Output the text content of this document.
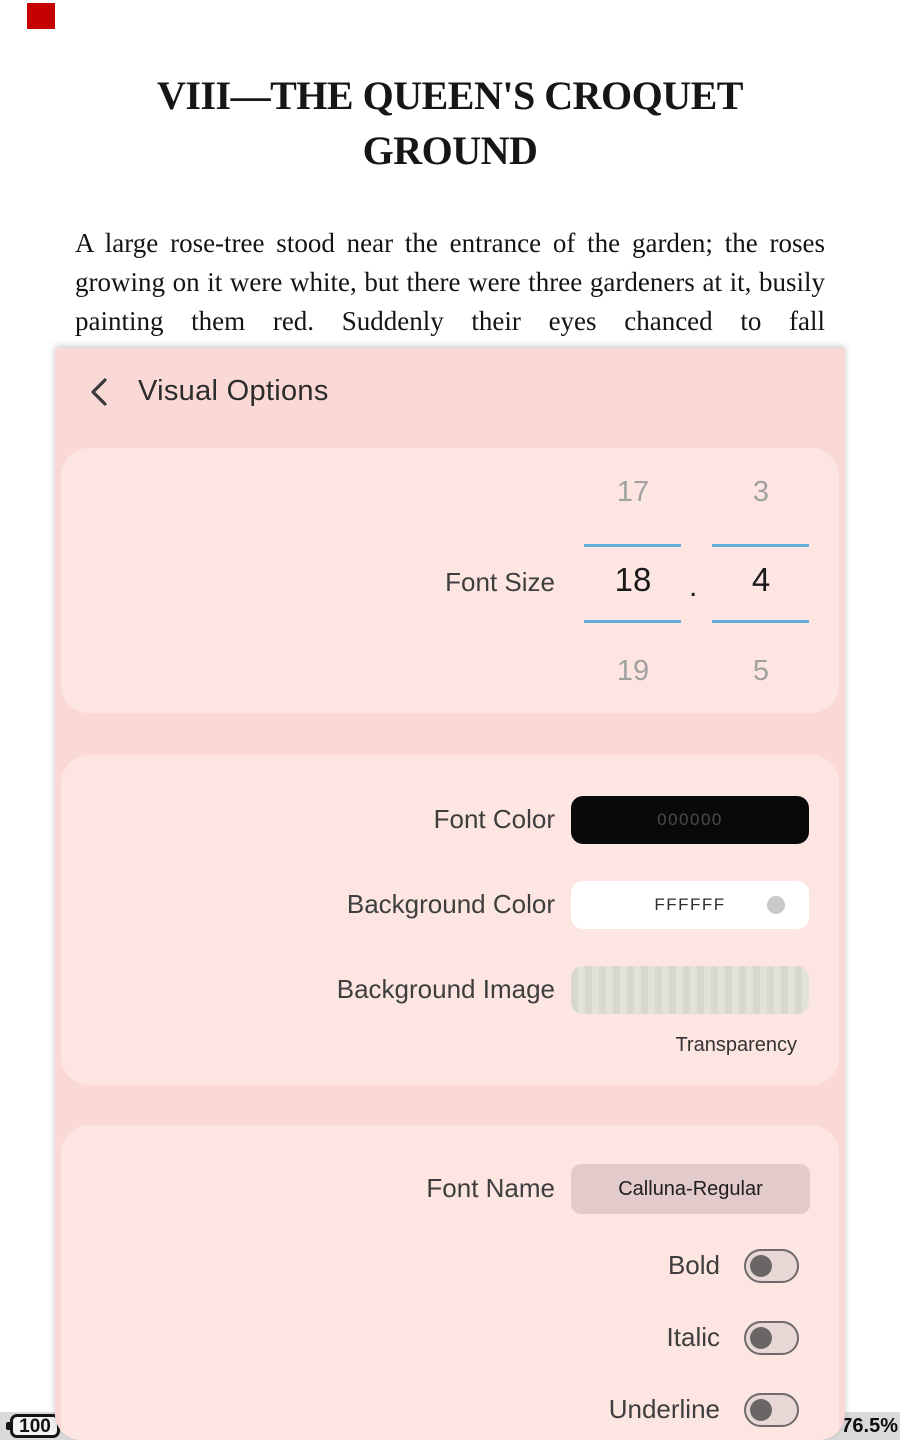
VIII—THE QUEEN'S CROQUET GROUND
A large rose-tree stood near the entrance of the garden; the roses growing on it were white, but there were three gardeners at it, busily painting them red. Suddenly their eyes chanced to fall
100	76.5%
Visual Options
Font Size
17
18
19
.
3
4
5
Font Color	000000
Background Color	FFFFFF
Background Image
Transparency
Font Name	Calluna-Regular
Bold
Italic
Underline
